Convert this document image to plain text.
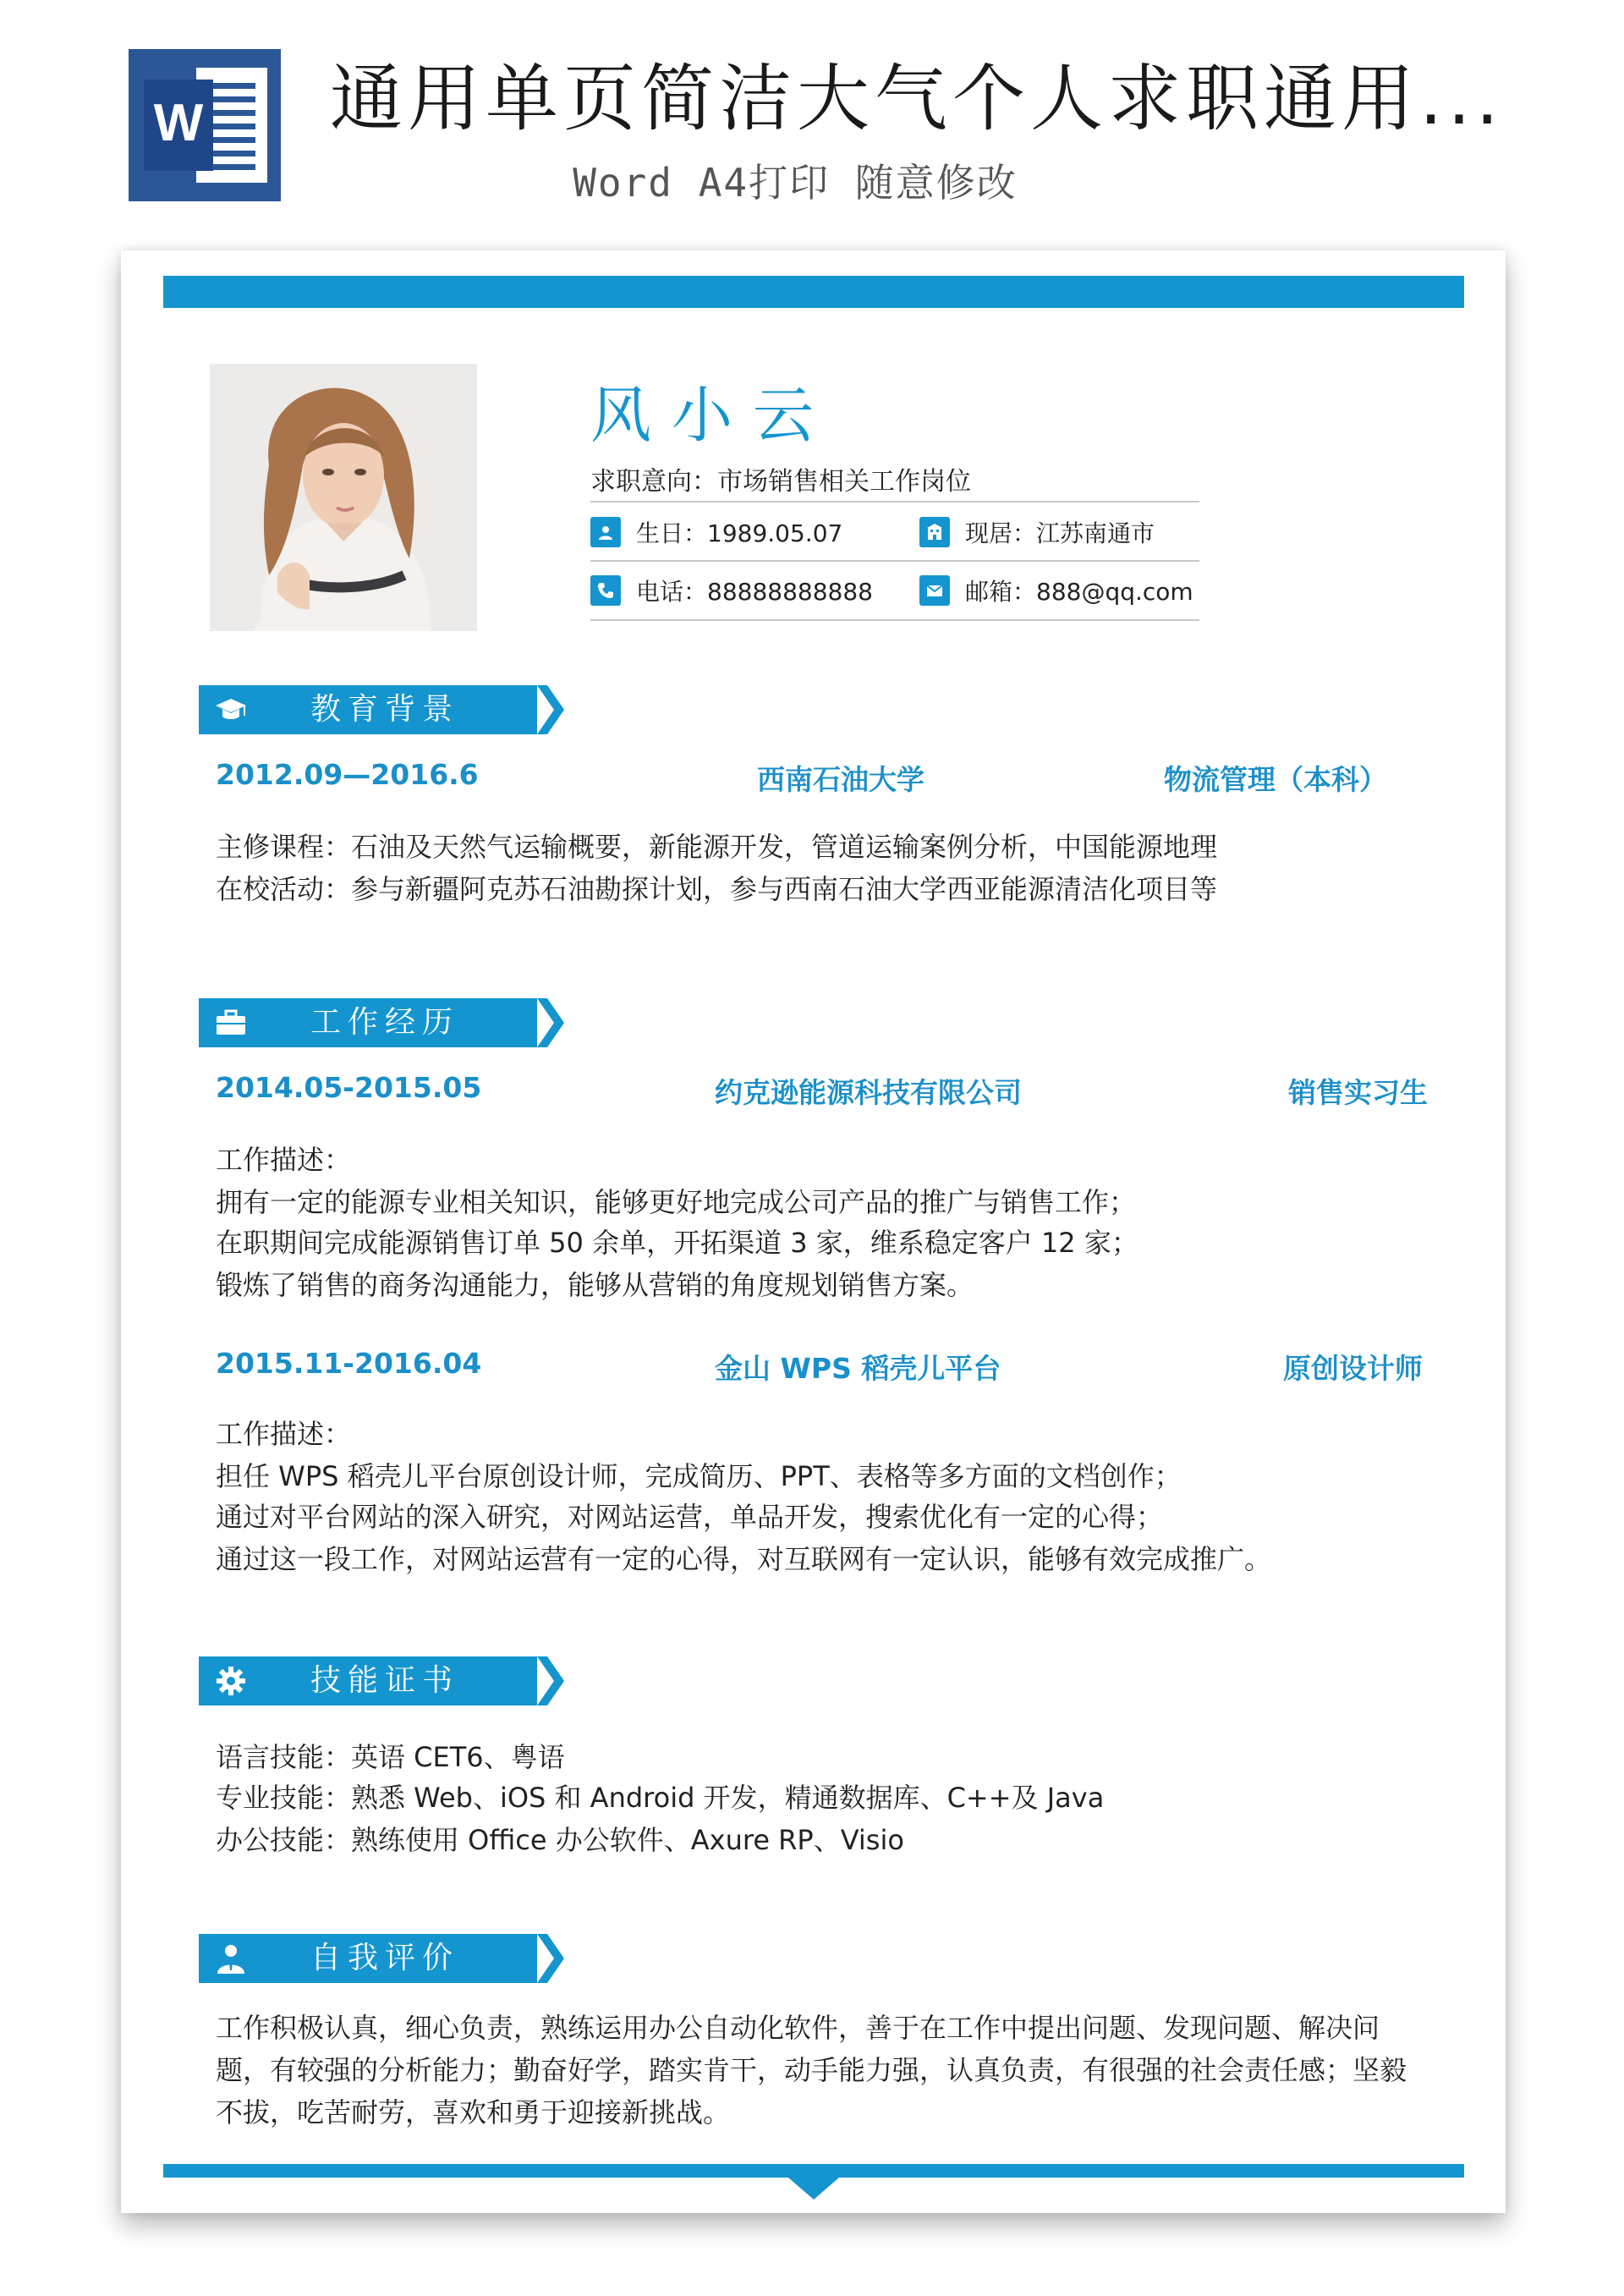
W 通用单页简洁大气个人求职通用...
Word A4打印 随意修改
风小云
求职意向：市场销售相关工作岗位
生日：1989.05.07	现居：江苏南通市
电话：88888888888	邮箱：888@qq.com
教育背景
2012.09—2016.6	西南石油大学	物流管理（本科）
主修课程：石油及天然气运输概要，新能源开发，管道运输案例分析，中国能源地理
在校活动：参与新疆阿克苏石油勘探计划，参与西南石油大学西亚能源清洁化项目等
工作经历
2014.05-2015.05	约克逊能源科技有限公司	销售实习生
工作描述：
拥有一定的能源专业相关知识，能够更好地完成公司产品的推广与销售工作；
在职期间完成能源销售订单 50 余单，开拓渠道 3 家，维系稳定客户 12 家；
锻炼了销售的商务沟通能力，能够从营销的角度规划销售方案。
2015.11-2016.04	金山 WPS 稻壳儿平台	原创设计师
工作描述：
担任 WPS 稻壳儿平台原创设计师，完成简历、PPT、表格等多方面的文档创作；
通过对平台网站的深入研究，对网站运营，单品开发，搜索优化有一定的心得；
通过这一段工作，对网站运营有一定的心得，对互联网有一定认识，能够有效完成推广。
技能证书
语言技能：英语 CET6、粤语
专业技能：熟悉 Web、iOS 和 Android 开发，精通数据库、C++及 Java
办公技能：熟练使用 Office 办公软件、Axure RP、Visio
自我评价
工作积极认真，细心负责，熟练运用办公自动化软件，善于在工作中提出问题、发现问题、解决问题，有较强的分析能力；勤奋好学，踏实肯干，动手能力强，认真负责，有很强的社会责任感；坚毅不拔，吃苦耐劳，喜欢和勇于迎接新挑战。
